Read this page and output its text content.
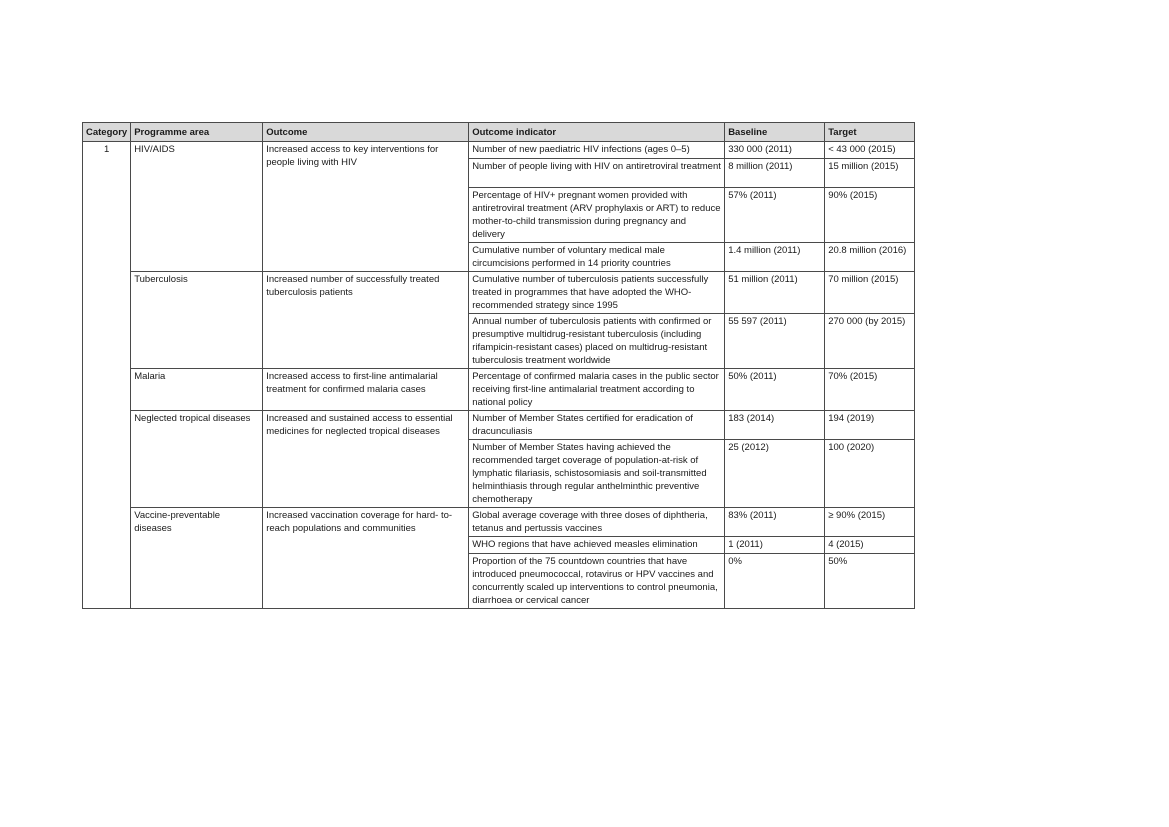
Category	Programme area	Outcome	Outcome indicator	Baseline	Target
1	HIV/AIDS	Increased access to key interventions for people living with HIV	Number of new paediatric HIV infections (ages 0–5)	330 000 (2011)	< 43 000 (2015)
			Number of people living with HIV on antiretroviral treatment	8 million (2011)	15 million (2015)
			Percentage of HIV+ pregnant women provided with antiretroviral treatment (ARV prophylaxis or ART) to reduce mother-to-child transmission during pregnancy and delivery	57% (2011)	90% (2015)
			Cumulative number of voluntary medical male circumcisions performed in 14 priority countries	1.4 million (2011)	20.8 million (2016)
	Tuberculosis	Increased number of successfully treated tuberculosis patients	Cumulative number of tuberculosis patients successfully treated in programmes that have adopted the WHO-recommended strategy since 1995	51 million (2011)	70 million (2015)
			Annual number of tuberculosis patients with confirmed or presumptive multidrug-resistant tuberculosis (including rifampicin-resistant cases) placed on multidrug-resistant tuberculosis treatment worldwide	55 597 (2011)	270 000 (by 2015)
	Malaria	Increased access to first-line antimalarial treatment for confirmed malaria cases	Percentage of confirmed malaria cases in the public sector receiving first-line antimalarial treatment according to national policy	50% (2011)	70% (2015)
	Neglected tropical diseases	Increased and sustained access to essential medicines for neglected tropical diseases	Number of Member States certified for eradication of dracunculiasis	183 (2014)	194 (2019)
			Number of Member States having achieved the recommended target coverage of population-at-risk of lymphatic filariasis, schistosomiasis and soil-transmitted helminthiasis through regular anthelminthic preventive chemotherapy	25 (2012)	100 (2020)
	Vaccine-preventable diseases	Increased vaccination coverage for hard- to-reach populations and communities	Global average coverage with three doses of diphtheria, tetanus and pertussis vaccines	83% (2011)	≥ 90% (2015)
			WHO regions that have achieved measles elimination	1 (2011)	4 (2015)
			Proportion of the 75 countdown countries that have introduced pneumococcal, rotavirus or HPV vaccines and concurrently scaled up interventions to control pneumonia, diarrhoea or cervical cancer	0%	50%
